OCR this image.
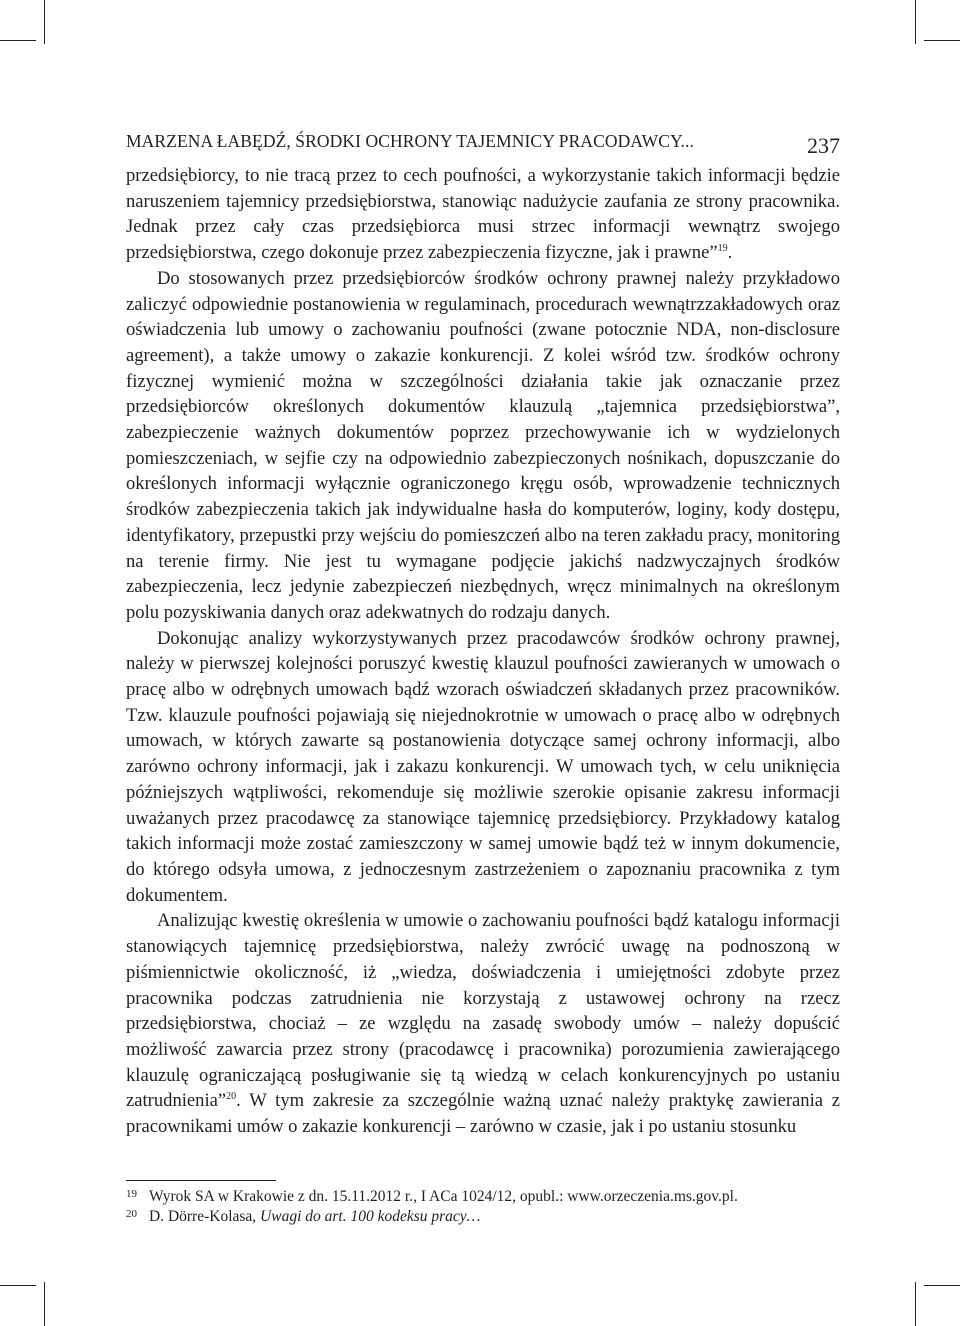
MARZENA ŁABĘDŹ, ŚRODKI OCHRONY TAJEMNICY PRACODAWCY...	237

przedsiębiorcy, to nie tracą przez to cech poufności, a wykorzystanie takich informacji będzie naruszeniem tajemnicy przedsiębiorstwa, stanowiąc nadużycie zaufania ze strony pracownika. Jednak przez cały czas przedsiębiorca musi strzec informacji wewnątrz swojego przedsiębiorstwa, czego dokonuje przez zabezpieczenia fizyczne, jak i prawne”$^{19}$.

Do stosowanych przez przedsiębiorców środków ochrony prawnej należy przykładowo zaliczyć odpowiednie postanowienia w regulaminach, procedurach wewnątrzzakładowych oraz oświadczenia lub umowy o zachowaniu poufności (zwane potocznie NDA, non-disclosure agreement), a także umowy o zakazie konkurencji. Z kolei wśród tzw. środków ochrony fizycznej wymienić można w szczególności działania takie jak oznaczanie przez przedsiębiorców określonych dokumentów klauzulą „tajemnica przedsiębiorstwa”, zabezpieczenie ważnych dokumentów poprzez przechowywanie ich w wydzielonych pomieszczeniach, w sejfie czy na odpowiednio zabezpieczonych nośnikach, dopuszczanie do określonych informacji wyłącznie ograniczonego kręgu osób, wprowadzenie technicznych środków zabezpieczenia takich jak indywidualne hasła do komputerów, loginy, kody dostępu, identyfikatory, przepustki przy wejściu do pomieszczeń albo na teren zakładu pracy, monitoring na terenie firmy. Nie jest tu wymagane podjęcie jakichś nadzwyczajnych środków zabezpieczenia, lecz jedynie zabezpieczeń niezbędnych, wręcz minimalnych na określonym polu pozyskiwania danych oraz adekwatnych do rodzaju danych.

Dokonując analizy wykorzystywanych przez pracodawców środków ochrony prawnej, należy w pierwszej kolejności poruszyć kwestię klauzul poufności zawieranych w umowach o pracę albo w odrębnych umowach bądź wzorach oświadczeń składanych przez pracowników. Tzw. klauzule poufności pojawiają się niejednokrotnie w umowach o pracę albo w odrębnych umowach, w których zawarte są postanowienia dotyczące samej ochrony informacji, albo zarówno ochrony informacji, jak i zakazu konkurencji. W umowach tych, w celu uniknięcia późniejszych wątpliwości, rekomenduje się możliwie szerokie opisanie zakresu informacji uważanych przez pracodawcę za stanowiące tajemnicę przedsiębiorcy. Przykładowy katalog takich informacji może zostać zamieszczony w samej umowie bądź też w innym dokumencie, do którego odsyła umowa, z jednoczesnym zastrzeżeniem o zapoznaniu pracownika z tym dokumentem.

Analizując kwestię określenia w umowie o zachowaniu poufności bądź katalogu informacji stanowiących tajemnicę przedsiębiorstwa, należy zwrócić uwagę na podnoszoną w piśmiennictwie okoliczność, iż „wiedza, doświadczenia i umiejętności zdobyte przez pracownika podczas zatrudnienia nie korzystają z ustawowej ochrony na rzecz przedsiębiorstwa, chociaż – ze względu na zasadę swobody umów – należy dopuścić możliwość zawarcia przez strony (pracodawcę i pracownika) porozumienia zawierającego klauzulę ograniczającą posługiwanie się tą wiedzą w celach konkurencyjnych po ustaniu zatrudnienia”$^{20}$. W tym zakresie za szczególnie ważną uznać należy praktykę zawierania z pracownikami umów o zakazie konkurencji – zarówno w czasie, jak i po ustaniu stosunku

19 Wyrok SA w Krakowie z dn. 15.11.2012 r., I ACa 1024/12, opubl.: www.orzeczenia.ms.gov.pl.
20 D. Dörre-Kolasa, Uwagi do art. 100 kodeksu pracy…
